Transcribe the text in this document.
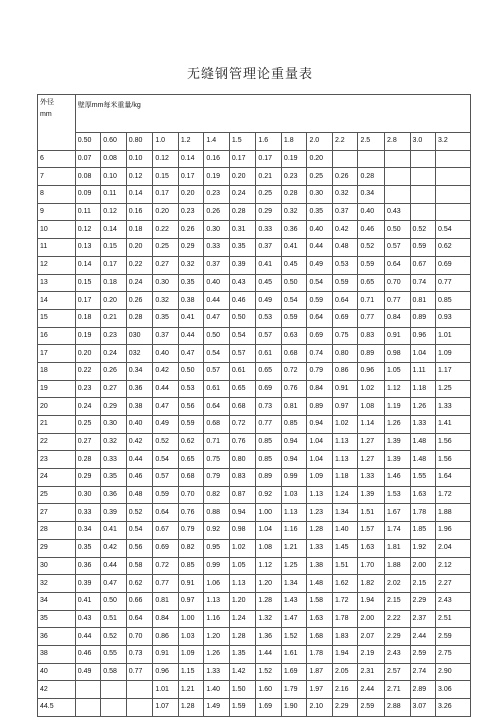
无缝钢管理论重量表
外径
mm	壁厚mm每米重量/kg														
	0.50	0.60	0.80	1.0	1.2	1.4	1.5	1.6	1.8	2.0	2.2	2.5	2.8	3.0	3.2
6	0.07	0.08	0.10	0.12	0.14	0.16	0.17	0.17	0.19	0.20					
7	0.08	0.10	0.12	0.15	0.17	0.19	0.20	0.21	0.23	0.25	0.26	0.28			
8	0.09	0.11	0.14	0.17	0.20	0.23	0.24	0.25	0.28	0.30	0.32	0.34			
9	0.11	0.12	0.16	0.20	0.23	0.26	0.28	0.29	0.32	0.35	0.37	0.40	0.43		
10	0.12	0.14	0.18	0.22	0.26	0.30	0.31	0.33	0.36	0.40	0.42	0.46	0.50	0.52	0.54
11	0.13	0.15	0.20	0.25	0.29	0.33	0.35	0.37	0.41	0.44	0.48	0.52	0.57	0.59	0.62
12	0.14	0.17	0.22	0.27	0.32	0.37	0.39	0.41	0.45	0.49	0.53	0.59	0.64	0.67	0.69
13	0.15	0.18	0.24	0.30	0.35	0.40	0.43	0.45	0.50	0.54	0.59	0.65	0.70	0.74	0.77
14	0.17	0.20	0.26	0.32	0.38	0.44	0.46	0.49	0.54	0.59	0.64	0.71	0.77	0.81	0.85
15	0.18	0.21	0.28	0.35	0.41	0.47	0.50	0.53	0.59	0.64	0.69	0.77	0.84	0.89	0.93
16	0.19	0.23	030	0.37	0.44	0.50	0.54	0.57	0.63	0.69	0.75	0.83	0.91	0.96	1.01
17	0.20	0.24	032	0.40	0.47	0.54	0.57	0.61	0.68	0.74	0.80	0.89	0.98	1.04	1.09
18	0.22	0.26	0.34	0.42	0.50	0.57	0.61	0.65	0.72	0.79	0.86	0.96	1.05	1.11	1.17
19	0.23	0.27	0.36	0.44	0.53	0.61	0.65	0.69	0.76	0.84	0.91	1.02	1.12	1.18	1.25
20	0.24	0.29	0.38	0.47	0.56	0.64	0.68	0.73	0.81	0.89	0.97	1.08	1.19	1.26	1.33
21	0.25	0.30	0.40	0.49	0.59	0.68	0.72	0.77	0.85	0.94	1.02	1.14	1.26	1.33	1.41
22	0.27	0.32	0.42	0.52	0.62	0.71	0.76	0.85	0.94	1.04	1.13	1.27	1.39	1.48	1.56
23	0.28	0.33	0.44	0.54	0.65	0.75	0.80	0.85	0.94	1.04	1.13	1.27	1.39	1.48	1.56
24	0.29	0.35	0.46	0.57	0.68	0.79	0.83	0.89	0.99	1.09	1.18	1.33	1.46	1.55	1.64
25	0.30	0.36	0.48	0.59	0.70	0.82	0.87	0.92	1.03	1.13	1.24	1.39	1.53	1.63	1.72
27	0.33	0.39	0.52	0.64	0.76	0.88	0.94	1.00	1.13	1.23	1.34	1.51	1.67	1.78	1.88
28	0.34	0.41	0.54	0.67	0.79	0.92	0.98	1.04	1.16	1.28	1.40	1.57	1.74	1.85	1.96
29	0.35	0.42	0.56	0.69	0.82	0.95	1.02	1.08	1.21	1.33	1.45	1.63	1.81	1.92	2.04
30	0.36	0.44	0.58	0.72	0.85	0.99	1.05	1.12	1.25	1.38	1.51	1.70	1.88	2.00	2.12
32	0.39	0.47	0.62	0.77	0.91	1.06	1.13	1.20	1.34	1.48	1.62	1.82	2.02	2.15	2.27
34	0.41	0.50	0.66	0.81	0.97	1.13	1.20	1.28	1.43	1.58	1.72	1.94	2.15	2.29	2.43
35	0.43	0.51	0.64	0.84	1.00	1.16	1.24	1.32	1.47	1.63	1.78	2.00	2.22	2.37	2.51
36	0.44	0.52	0.70	0.86	1.03	1.20	1.28	1.36	1.52	1.68	1.83	2.07	2.29	2.44	2.59
38	0.46	0.55	0.73	0.91	1.09	1.26	1.35	1.44	1.61	1.78	1.94	2.19	2.43	2.59	2.75
40	0.49	0.58	0.77	0.96	1.15	1.33	1.42	1.52	1.69	1.87	2.05	2.31	2.57	2.74	2.90
42				1.01	1.21	1.40	1.50	1.60	1.79	1.97	2.16	2.44	2.71	2.89	3.06
44.5				1.07	1.28	1.49	1.59	1.69	1.90	2.10	2.29	2.59	2.88	3.07	3.26
